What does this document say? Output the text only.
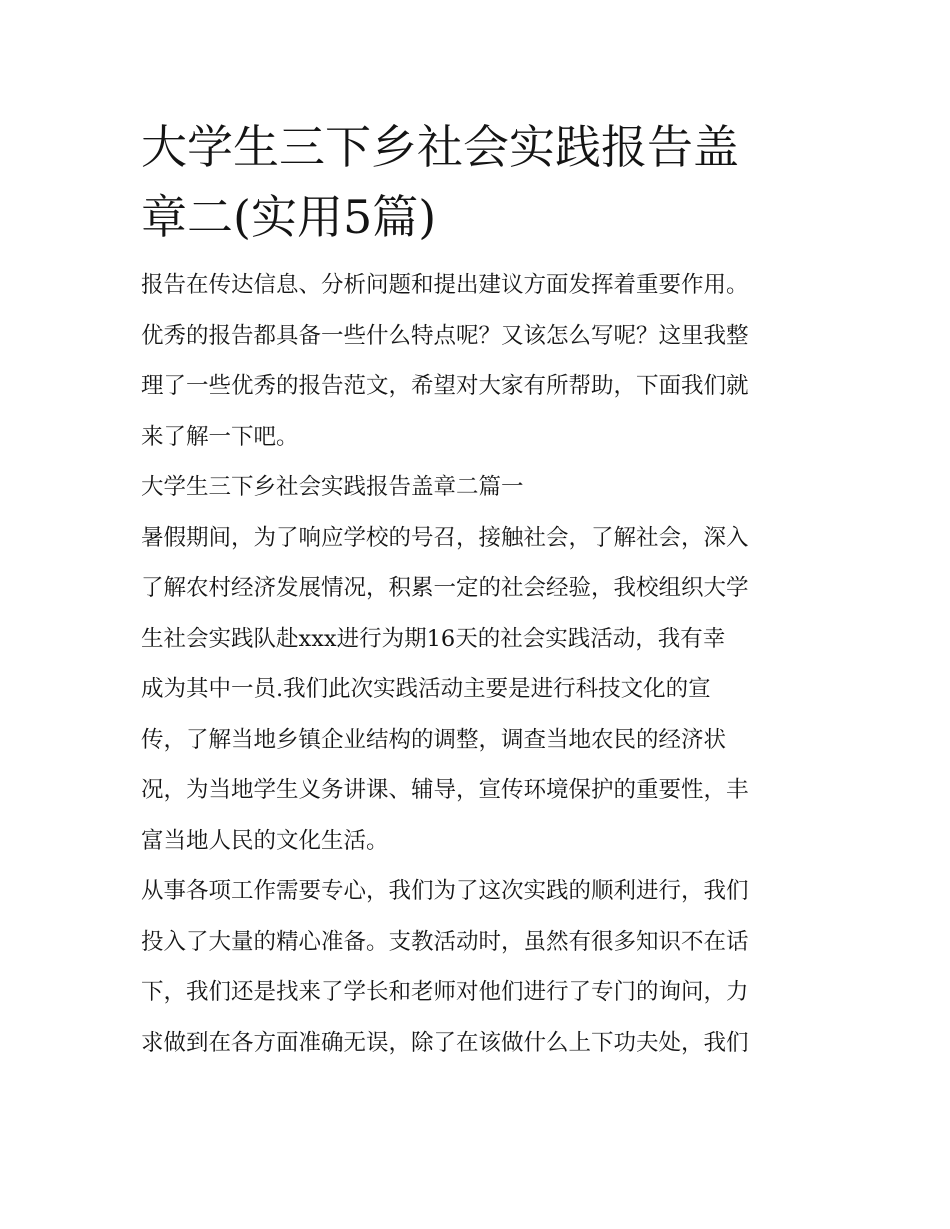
大学生三下乡社会实践报告盖
章二(实用5篇)
报告在传达信息、分析问题和提出建议方面发挥着重要作用。
优秀的报告都具备一些什么特点呢？又该怎么写呢？这里我整
理了一些优秀的报告范文，希望对大家有所帮助，下面我们就
来了解一下吧。
大学生三下乡社会实践报告盖章二篇一
暑假期间，为了响应学校的号召，接触社会，了解社会，深入
了解农村经济发展情况，积累一定的社会经验，我校组织大学
生社会实践队赴xxx进行为期16天的社会实践活动，我有幸
成为其中一员.我们此次实践活动主要是进行科技文化的宣
传，了解当地乡镇企业结构的调整，调查当地农民的经济状
况，为当地学生义务讲课、辅导，宣传环境保护的重要性，丰
富当地人民的文化生活。
从事各项工作需要专心，我们为了这次实践的顺利进行，我们
投入了大量的精心准备。支教活动时，虽然有很多知识不在话
下，我们还是找来了学长和老师对他们进行了专门的询问，力
求做到在各方面准确无误，除了在该做什么上下功夫处，我们
